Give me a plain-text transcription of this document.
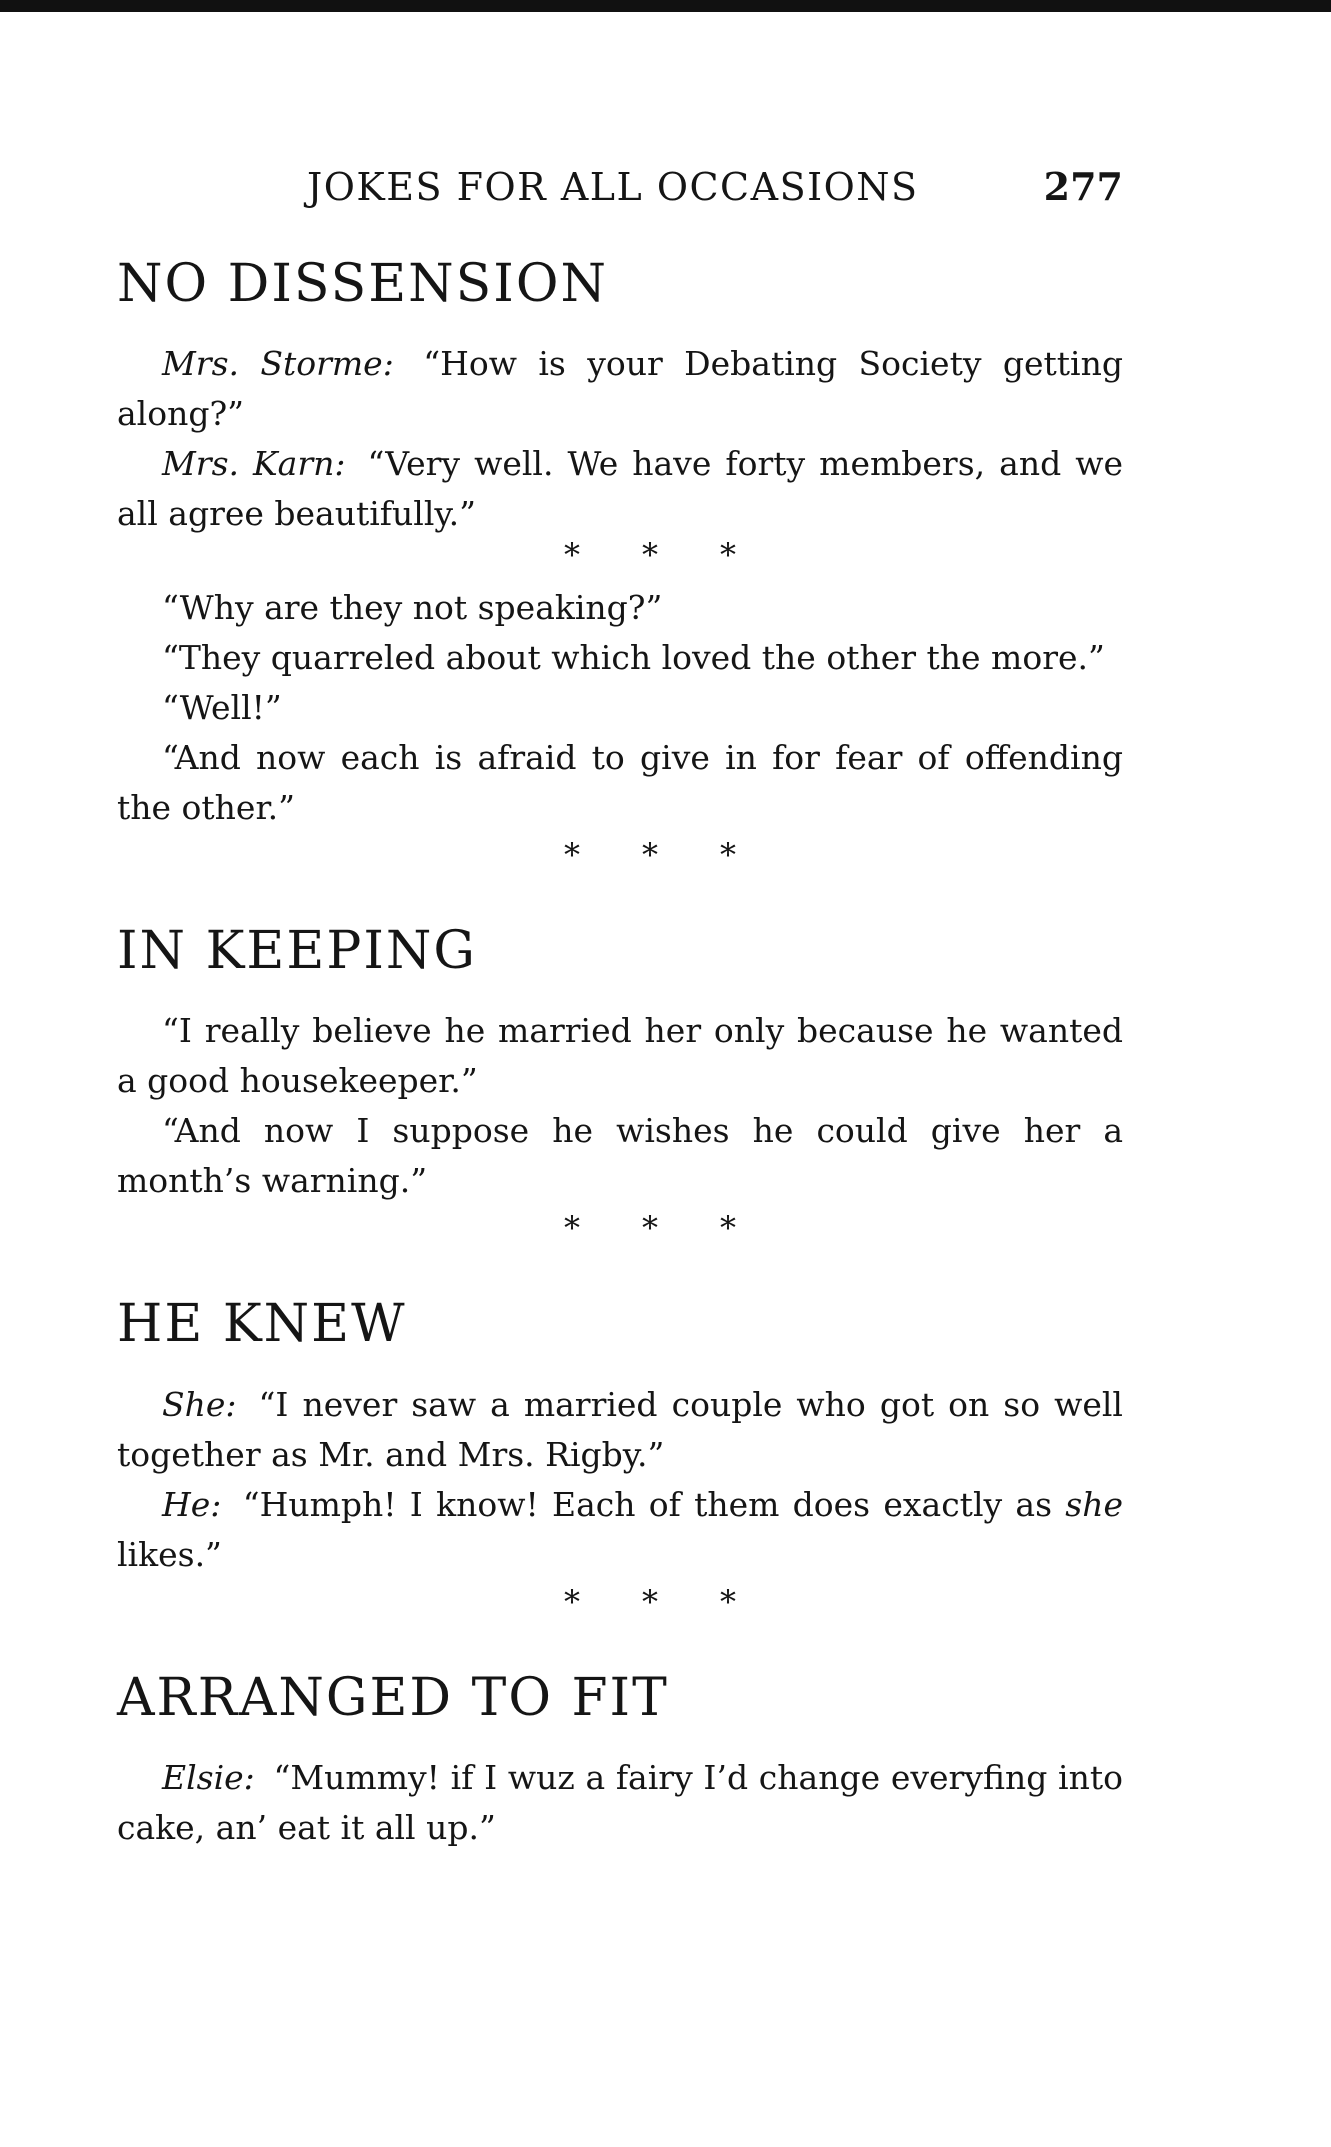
JOKES FOR ALL OCCASIONS	277
NO DISSENSION

Mrs. Storme: “How is your Debating Society getting along?”

Mrs. Karn: “Very well. We have forty members, and we all agree beautifully.”

* * *

“Why are they not speaking?”

“They quarreled about which loved the other the more.”

“Well!”

“And now each is afraid to give in for fear of offending the other.”

* * *
IN KEEPING

“I really believe he married her only because he wanted a good housekeeper.”

“And now I suppose he wishes he could give her a month’s warning.”

* * *
HE KNEW

She: “I never saw a married couple who got on so well together as Mr. and Mrs. Rigby.”

He: “Humph! I know! Each of them does exactly as she likes.”

* * *
ARRANGED TO FIT

Elsie: “Mummy! if I wuz a fairy I’d change everyfing into cake, an’ eat it all up.”
